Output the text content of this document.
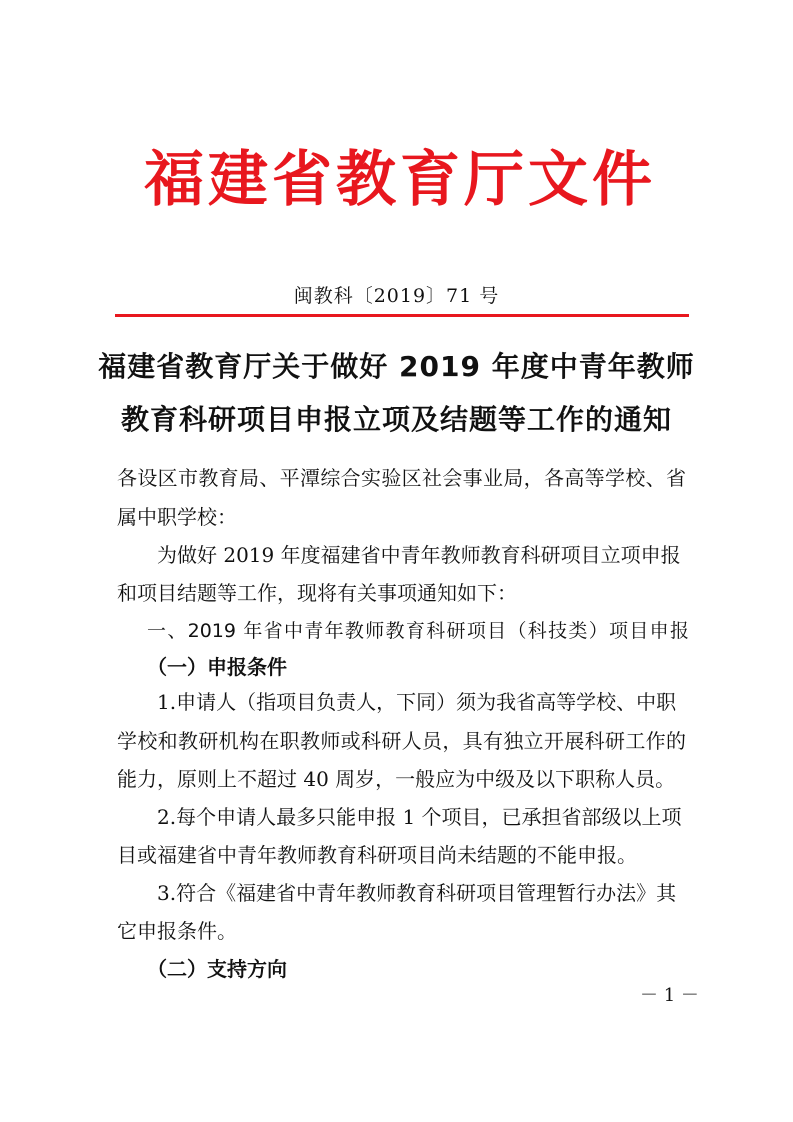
福建省教育厅文件
闽教科〔2019〕71 号
福建省教育厅关于做好 2019 年度中青年教师
教育科研项目申报立项及结题等工作的通知
各设区市教育局、平潭综合实验区社会事业局，各高等学校、省
属中职学校：
为做好 2019 年度福建省中青年教师教育科研项目立项申报
和项目结题等工作，现将有关事项通知如下：
一、2019 年省中青年教师教育科研项目（科技类）项目申报
（一）申报条件
1.申请人（指项目负责人，下同）须为我省高等学校、中职
学校和教研机构在职教师或科研人员，具有独立开展科研工作的
能力，原则上不超过 40 周岁，一般应为中级及以下职称人员。
2.每个申请人最多只能申报 1 个项目，已承担省部级以上项
目或福建省中青年教师教育科研项目尚未结题的不能申报。
3.符合《福建省中青年教师教育科研项目管理暂行办法》其
它申报条件。
（二）支持方向
－ 1 －
